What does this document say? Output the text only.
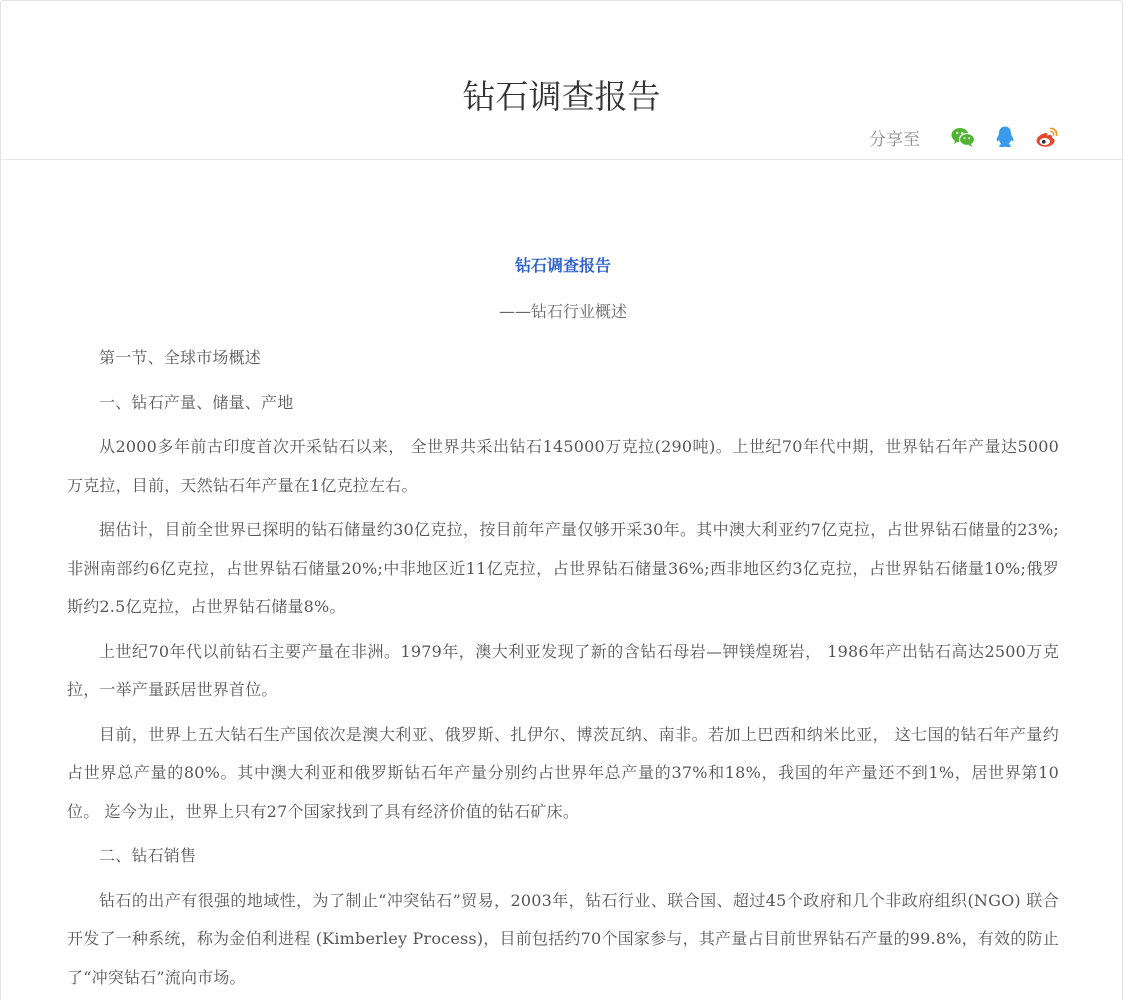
钻石调查报告
分享至

钻石调查报告

——钻石行业概述

第一节、全球市场概述

一、钻石产量、储量、产地

从2000多年前古印度首次开采钻石以来， 全世界共采出钻石145000万克拉(290吨)。上世纪70年代中期，世界钻石年产量达5000万克拉，目前，天然钻石年产量在1亿克拉左右。

据估计，目前全世界已探明的钻石储量约30亿克拉，按目前年产量仅够开采30年。其中澳大利亚约7亿克拉，占世界钻石储量的23%;非洲南部约6亿克拉，占世界钻石储量20%;中非地区近11亿克拉，占世界钻石储量36%;西非地区约3亿克拉，占世界钻石储量10%;俄罗斯约2.5亿克拉，占世界钻石储量8%。

上世纪70年代以前钻石主要产量在非洲。1979年，澳大利亚发现了新的含钻石母岩—钾镁煌斑岩， 1986年产出钻石高达2500万克拉，一举产量跃居世界首位。

目前，世界上五大钻石生产国依次是澳大利亚、俄罗斯、扎伊尔、博茨瓦纳、南非。若加上巴西和纳米比亚， 这七国的钻石年产量约占世界总产量的80%。其中澳大利亚和俄罗斯钻石年产量分别约占世界年总产量的37%和18%，我国的年产量还不到1%，居世界第10位。 迄今为止，世界上只有27个国家找到了具有经济价值的钻石矿床。

二、钻石销售

钻石的出产有很强的地域性，为了制止“冲突钻石”贸易，2003年，钻石行业、联合国、超过45个政府和几个非政府组织(NGO) 联合开发了一种系统，称为金伯利进程 (Kimberley Process)，目前包括约70个国家参与，其产量占目前世界钻石产量的99.8%，有效的防止了“冲突钻石”流向市场。
